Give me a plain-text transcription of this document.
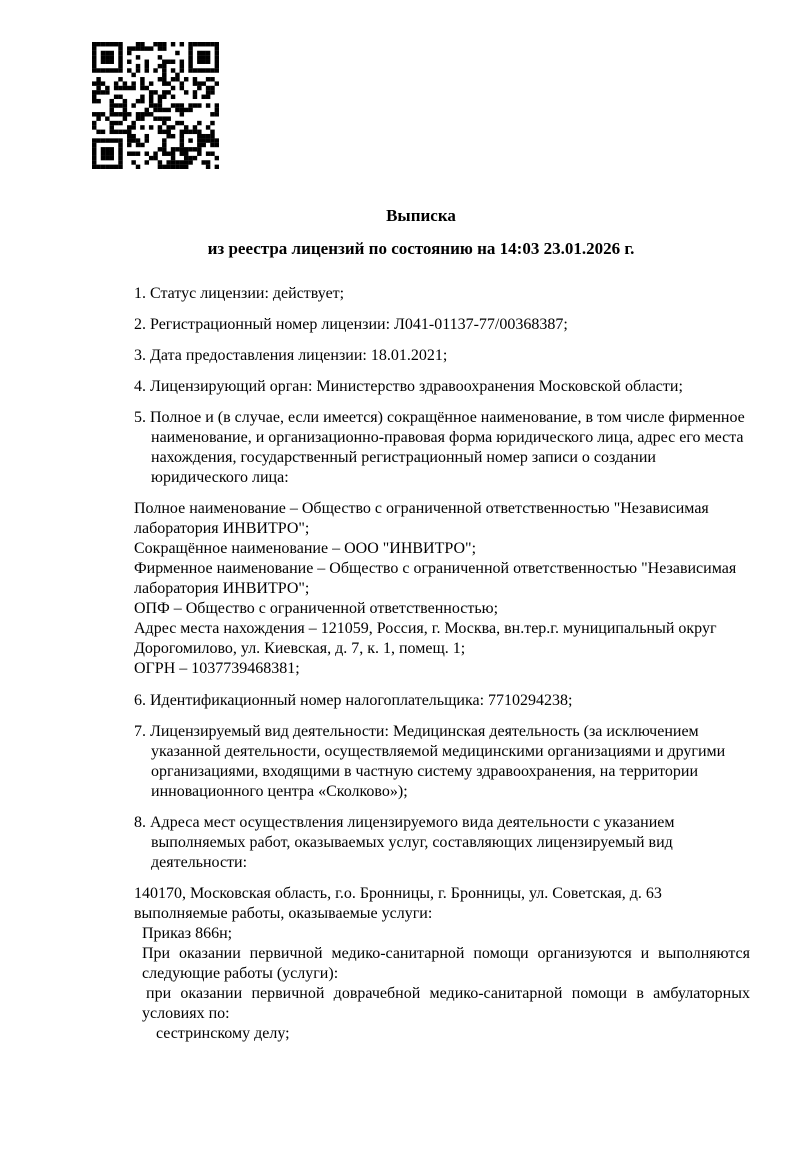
Выписка
из реестра лицензий по состоянию на 14:03 23.01.2026 г.

1. Статус лицензии: действует;

2. Регистрационный номер лицензии: Л041-01137-77/00368387;

3. Дата предоставления лицензии: 18.01.2021;

4. Лицензирующий орган: Министерство здравоохранения Московской области;

5. Полное и (в случае, если имеется) сокращённое наименование, в том числе фирменное наименование, и организационно-правовая форма юридического лица, адрес его места нахождения, государственный регистрационный номер записи о создании юридического лица:

Полное наименование – Общество с ограниченной ответственностью "Независимая лаборатория ИНВИТРО";

Сокращённое наименование – ООО "ИНВИТРО";

Фирменное наименование – Общество с ограниченной ответственностью "Независимая лаборатория ИНВИТРО";

ОПФ – Общество с ограниченной ответственностью;

Адрес места нахождения – 121059, Россия, г. Москва, вн.тер.г. муниципальный округ Дорогомилово, ул. Киевская, д. 7, к. 1, помещ. 1;

ОГРН – 1037739468381;

6. Идентификационный номер налогоплательщика: 7710294238;

7. Лицензируемый вид деятельности: Медицинская деятельность (за исключением указанной деятельности, осуществляемой медицинскими организациями и другими организациями, входящими в частную систему здравоохранения, на территории инновационного центра «Сколково»);

8. Адреса мест осуществления лицензируемого вида деятельности с указанием выполняемых работ, оказываемых услуг, составляющих лицензируемый вид деятельности:

140170, Московская область, г.о. Бронницы, г. Бронницы, ул. Советская, д. 63

выполняемые работы, оказываемые услуги:

Приказ 866н;

При оказании первичной медико-санитарной помощи организуются и выполняются

следующие работы (услуги):

при оказании первичной доврачебной медико-санитарной помощи в амбулаторных

условиях по:

сестринскому делу;
